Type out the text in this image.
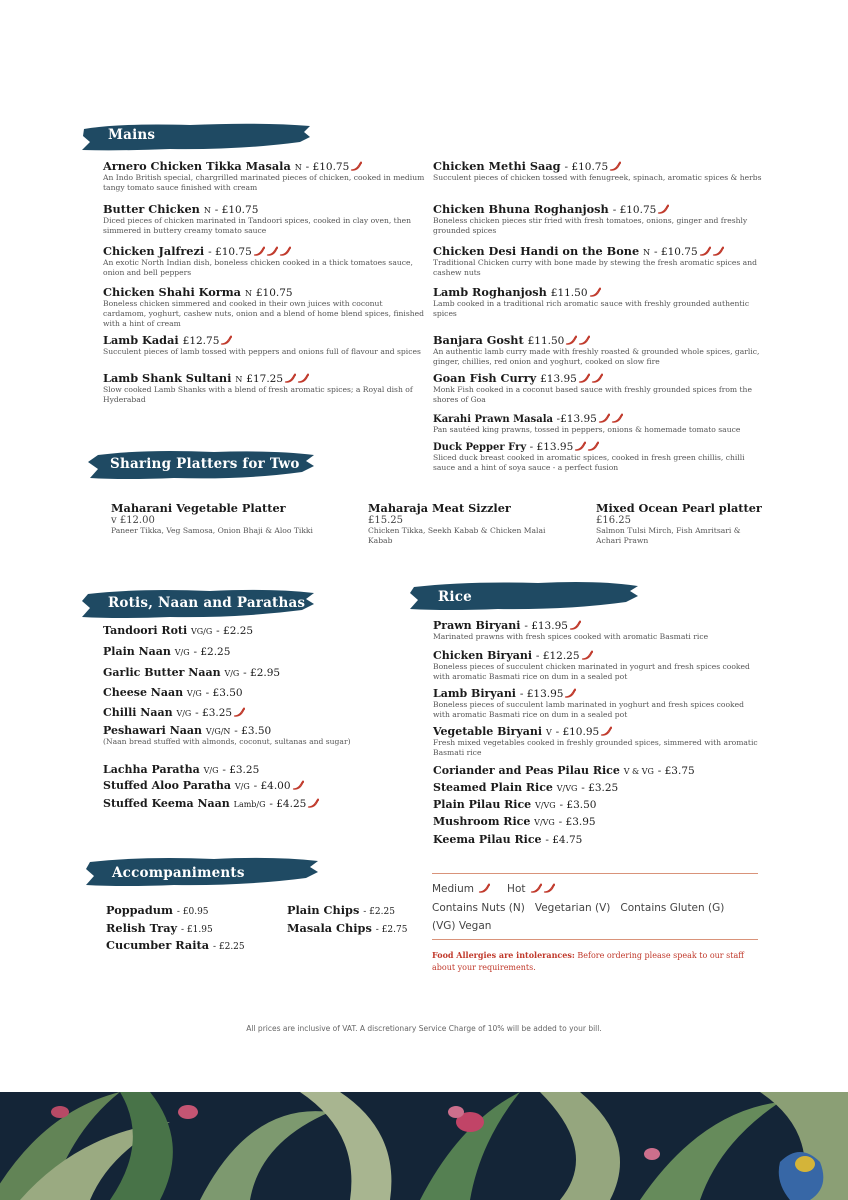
Mains
Sharing Platters for Two
Rotis, Naan and Parathas	Rice
Accompaniments
Arnero Chicken Tikka Masala N - £10.75
An Indo British special, chargrilled marinated pieces of chicken, cooked in medium tangy tomato sauce finished with cream
Butter Chicken N - £10.75
Diced pieces of chicken marinated in Tandoori spices, cooked in clay oven, then simmered in buttery creamy tomato sauce
Chicken Jalfrezi - £10.75
An exotic North Indian dish, boneless chicken cooked in a thick tomatoes sauce, onion and bell peppers
Chicken Shahi Korma N £10.75
Boneless chicken simmered and cooked in their own juices with coconut cardamom, yoghurt, cashew nuts, onion and a blend of home blend spices, finished with a hint of cream
Lamb Kadai £12.75
Succulent pieces of lamb tossed with peppers and onions full of flavour and spices
Lamb Shank Sultani N £17.25
Slow cooked Lamb Shanks with a blend of fresh aromatic spices; a Royal dish of Hyderabad
Chicken Methi Saag - £10.75
Succulent pieces of chicken tossed with fenugreek, spinach, aromatic spices & herbs
Chicken Bhuna Roghanjosh - £10.75
Boneless chicken pieces stir fried with fresh tomatoes, onions, ginger and freshly grounded spices
Chicken Desi Handi on the Bone N - £10.75
Traditional Chicken curry with bone made by stewing the fresh aromatic spices and cashew nuts
Lamb Roghanjosh £11.50
Lamb cooked in a traditional rich aromatic sauce with freshly grounded authentic spices
Banjara Gosht £11.50
An authentic lamb curry made with freshly roasted & grounded whole spices, garlic, ginger, chillies, red onion and yoghurt, cooked on slow fire
Goan Fish Curry £13.95
Monk Fish cooked in a coconut based sauce with freshly grounded spices from the shores of Goa
Karahi Prawn Masala -£13.95
Pan sautéed king prawns, tossed in peppers, onions & homemade tomato sauce
Duck Pepper Fry - £13.95
Sliced duck breast cooked in aromatic spices, cooked in fresh green chillis, chilli sauce and a hint of soya sauce - a perfect fusion
Maharani Vegetable Platter
v £12.00
Paneer Tikka, Veg Samosa, Onion Bhaji & Aloo Tikki
Maharaja Meat Sizzler
£15.25
Chicken Tikka, Seekh Kabab & Chicken Malai Kabab
Mixed Ocean Pearl platter
£16.25
Salmon Tulsi Mirch, Fish Amritsari & Achari Prawn
Tandoori Roti VG/G - £2.25
Plain Naan V/G - £2.25
Garlic Butter Naan V/G - £2.95
Cheese Naan V/G - £3.50
Chilli Naan V/G - £3.25
Peshawari Naan V/G/N - £3.50
(Naan bread stuffed with almonds, coconut, sultanas and sugar)
Lachha Paratha V/G - £3.25
Stuffed Aloo Paratha V/G - £4.00
Stuffed Keema Naan Lamb/G - £4.25
Prawn Biryani - £13.95
Marinated prawns with fresh spices cooked with aromatic Basmati rice
Chicken Biryani - £12.25
Boneless pieces of succulent chicken marinated in yogurt and fresh spices cooked with aromatic Basmati rice on dum in a sealed pot
Lamb Biryani - £13.95
Boneless pieces of succulent lamb marinated in yoghurt and fresh spices cooked with aromatic Basmati rice on dum in a sealed pot
Vegetable Biryani V - £10.95
Fresh mixed vegetables cooked in freshly grounded spices, simmered with aromatic Basmati rice
Coriander and Peas Pilau Rice V & VG - £3.75
Steamed Plain Rice V/VG - £3.25
Plain Pilau Rice V/VG - £3.50
Mushroom Rice V/VG - £3.95
Keema Pilau Rice - £4.75
Poppadum - £0.95
Relish Tray - £1.95
Cucumber Raita - £2.25
Plain Chips - £2.25
Masala Chips - £2.75
Medium	Hot
Contains Nuts (N)   Vegetarian (V)   Contains Gluten (G)
(VG) Vegan
Food Allergies are intolerances: Before ordering please speak to our staff about your requirements.
All prices are inclusive of VAT. A discretionary Service Charge of 10% will be added to your bill.
